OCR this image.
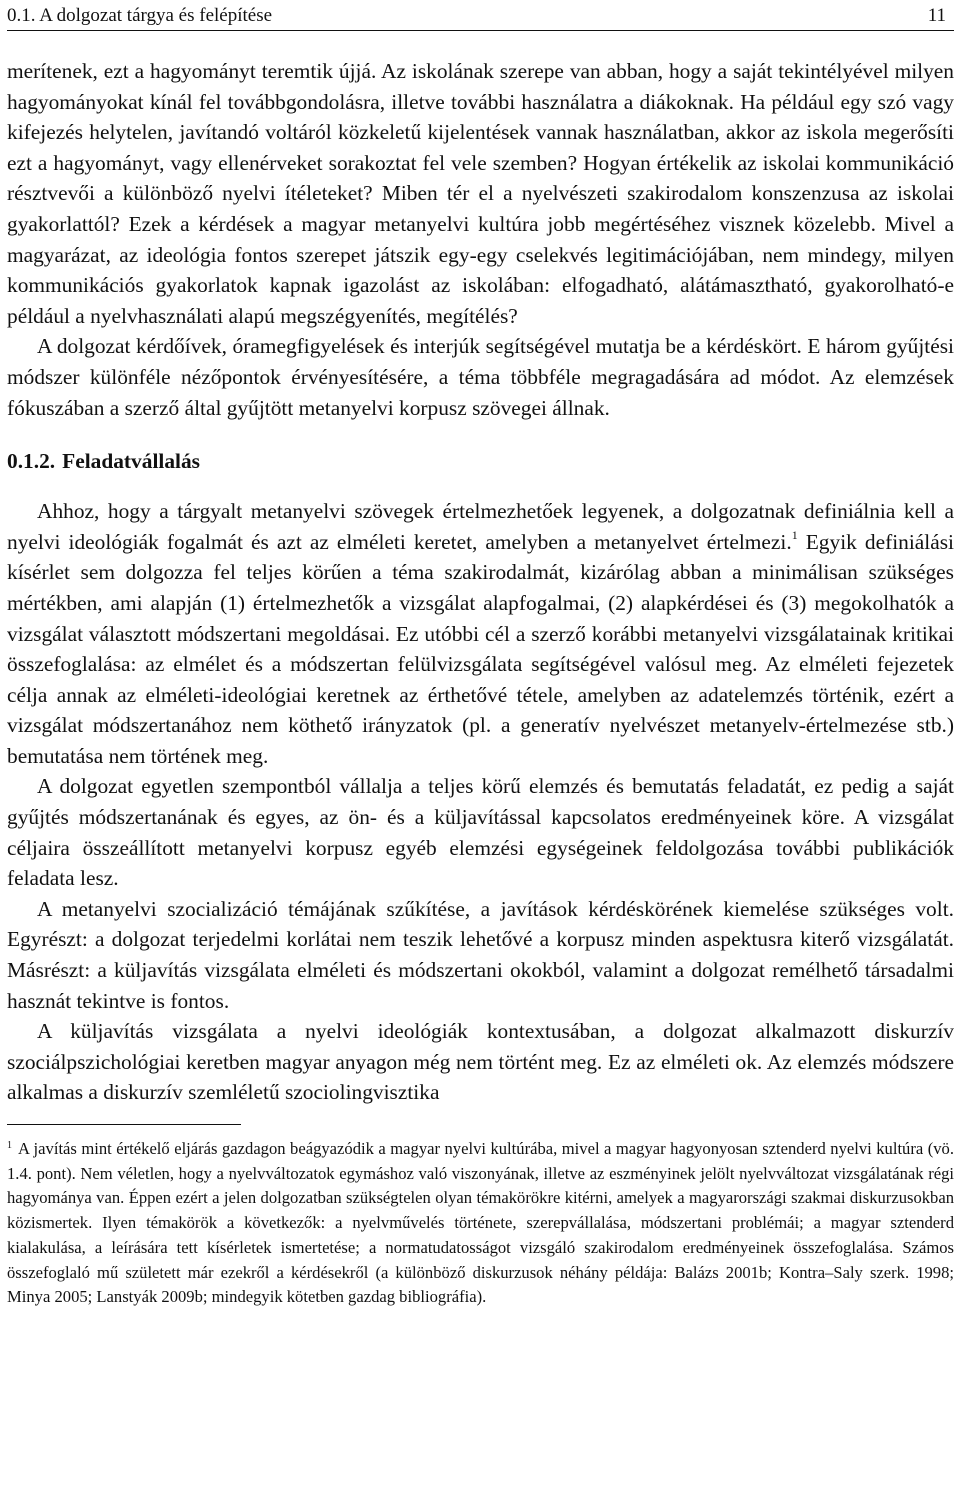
0.1. A dolgozat tárgya és felépítése	11

merítenek, ezt a hagyományt teremtik újjá. Az iskolának szerepe van abban, hogy a saját tekintélyével milyen hagyományokat kínál fel továbbgondolásra, illetve további használatra a diákoknak. Ha például egy szó vagy kifejezés helytelen, javítandó voltáról közkeletű kijelentések vannak használatban, akkor az iskola megerősíti ezt a hagyományt, vagy ellenérveket sorakoztat fel vele szemben? Hogyan értékelik az iskolai kommunikáció résztvevői a különböző nyelvi ítéleteket? Miben tér el a nyelvészeti szakirodalom konszenzusa az iskolai gyakorlattól? Ezek a kérdések a magyar metanyelvi kultúra jobb megértéséhez visznek közelebb. Mivel a magyarázat, az ideológia fontos szerepet játszik egy-egy cselekvés legitimációjában, nem mindegy, milyen kommunikációs gyakorlatok kapnak igazolást az iskolában: elfogadható, alátámasztható, gyakorolható-e például a nyelvhasználati alapú megszégyenítés, megítélés?

A dolgozat kérdőívek, óramegfigyelések és interjúk segítségével mutatja be a kérdéskört. E három gyűjtési módszer különféle nézőpontok érvényesítésére, a téma többféle megragadására ad módot. Az elemzések fókuszában a szerző által gyűjtött metanyelvi korpusz szövegei állnak.

0.1.2. Feladatvállalás

Ahhoz, hogy a tárgyalt metanyelvi szövegek értelmezhetőek legyenek, a dolgozatnak definiálnia kell a nyelvi ideológiák fogalmát és azt az elméleti keretet, amelyben a metanyelvet értelmezi.$^1$ Egyik definiálási kísérlet sem dolgozza fel teljes körűen a téma szakirodalmát, kizárólag abban a minimálisan szükséges mértékben, ami alapján (1) értelmezhetők a vizsgálat alapfogalmai, (2) alapkérdései és (3) megokolhatók a vizsgálat választott módszertani megoldásai. Ez utóbbi cél a szerző korábbi metanyelvi vizsgálatainak kritikai összefoglalása: az elmélet és a módszertan felülvizsgálata segítségével valósul meg. Az elméleti fejezetek célja annak az elméleti-ideológiai keretnek az érthetővé tétele, amelyben az adatelemzés történik, ezért a vizsgálat módszertanához nem köthető irányzatok (pl. a generatív nyelvészet metanyelv-értelmezése stb.) bemutatása nem történek meg.

A dolgozat egyetlen szempontból vállalja a teljes körű elemzés és bemutatás feladatát, ez pedig a saját gyűjtés módszertanának és egyes, az ön- és a küljavítással kapcsolatos eredményeinek köre. A vizsgálat céljaira összeállított metanyelvi korpusz egyéb elemzési egységeinek feldolgozása további publikációk feladata lesz.

A metanyelvi szocializáció témájának szűkítése, a javítások kérdéskörének kiemelése szükséges volt. Egyrészt: a dolgozat terjedelmi korlátai nem teszik lehetővé a korpusz minden aspektusra kiterő vizsgálatát. Másrészt: a küljavítás vizsgálata elméleti és módszertani okokból, valamint a dolgozat remélhető társadalmi hasznát tekintve is fontos.

A küljavítás vizsgálata a nyelvi ideológiák kontextusában, a dolgozat alkalmazott diskurzív szociálpszichológiai keretben magyar anyagon még nem történt meg. Ez az elméleti ok. Az elemzés módszere alkalmas a diskurzív szemléletű szociolingvisztika

$^1$ A javítás mint értékelő eljárás gazdagon beágyazódik a magyar nyelvi kultúrába, mivel a magyar hagyonyosan sztenderd nyelvi kultúra (vö. 1.4. pont). Nem véletlen, hogy a nyelvváltozatok egymáshoz való viszonyának, illetve az eszményinek jelölt nyelvváltozat vizsgálatának régi hagyománya van. Éppen ezért a jelen dolgozatban szükségtelen olyan témakörökre kitérni, amelyek a magyarországi szakmai diskurzusokban közismertek. Ilyen témakörök a következők: a nyelvművelés története, szerepvállalása, módszertani problémái; a magyar sztenderd kialakulása, a leírására tett kísérletek ismertetése; a normatudatosságot vizsgáló szakirodalom eredményeinek összefoglalása. Számos összefoglaló mű született már ezekről a kérdésekről (a különböző diskurzusok néhány példája: Balázs 2001b; Kontra–Saly szerk. 1998; Minya 2005; Lanstyák 2009b; mindegyik kötetben gazdag bibliográfia).
